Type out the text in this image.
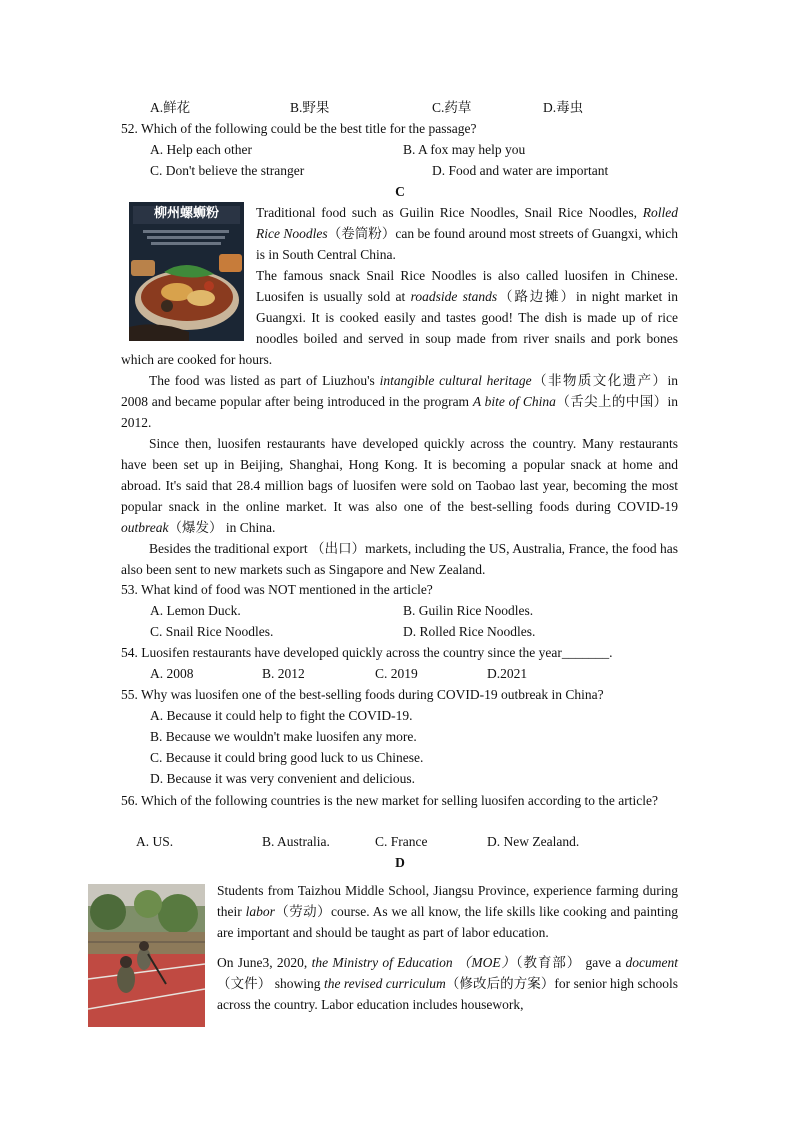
A.鲜花	B.野果	C.药草	D.毒虫
52. Which of the following could be the best title for the passage?
A. Help each other	B. A fox may help you
C. Don't believe the stranger	D. Food and water are important
C
柳州螺蛳粉	Traditional food such as Guilin Rice Noodles, Snail Rice Noodles, Rolled Rice Noodles（卷筒粉）can be found around most streets of Guangxi, which is in South Central China.
The famous snack Snail Rice Noodles is also called luosifen in Chinese. Luosifen is usually sold at roadside stands（路边摊）in night market in Guangxi. It is cooked easily and tastes good! The dish is made up of rice noodles boiled and served in soup made from river snails and pork bones which are cooked for hours.
The food was listed as part of Liuzhou's intangible cultural heritage（非物质文化遗产）in 2008 and became popular after being introduced in the program A bite of China（舌尖上的中国）in 2012.
Since then, luosifen restaurants have developed quickly across the country. Many restaurants have been set up in Beijing, Shanghai, Hong Kong. It is becoming a popular snack at home and abroad. It's said that 28.4 million bags of luosifen were sold on Taobao last year, becoming the most popular snack in the online market. It was also one of the best-selling foods during COVID-19 outbreak（爆发） in China.
Besides the traditional export （出口）markets, including the US, Australia, France, the food has also been sent to new markets such as Singapore and New Zealand.
53. What kind of food was NOT mentioned in the article?
A. Lemon Duck.	B. Guilin Rice Noodles.
C. Snail Rice Noodles.	D. Rolled Rice Noodles.
54. Luosifen restaurants have developed quickly across the country since the year_______.
A. 2008	B. 2012	C. 2019	D.2021
55. Why was luosifen one of the best-selling foods during COVID-19 outbreak in China?
A. Because it could help to fight the COVID-19.
B. Because we wouldn't make luosifen any more.
C. Because it could bring good luck to us Chinese.
D. Because it was very convenient and delicious.
56. Which of the following countries is the new market for selling luosifen according to the article?
A. US.	B. Australia.	C. France	D. New Zealand.
D
Students from Taizhou Middle School, Jiangsu Province, experience farming during their labor（劳动）course. As we all know, the life skills like cooking and painting are important and should be taught as part of labor education.
On June3, 2020, the Ministry of Education （MOE）（教育部） gave a document（文件） showing the revised curriculum（修改后的方案）for senior high schools across the country. Labor education includes housework,
